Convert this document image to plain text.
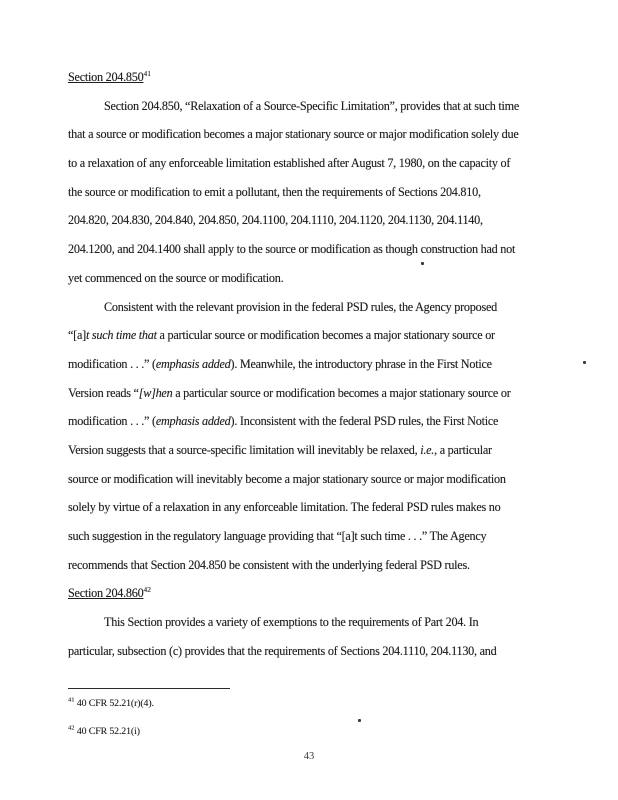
Section 204.850$^{41}$
Section 204.850, “Relaxation of a Source-Specific Limitation”, provides that at such time
that a source or modification becomes a major stationary source or major modification solely due
to a relaxation of any enforceable limitation established after August 7, 1980, on the capacity of
the source or modification to emit a pollutant, then the requirements of Sections 204.810,
204.820, 204.830, 204.840, 204.850, 204.1100, 204.1110, 204.1120, 204.1130, 204.1140,
204.1200, and 204.1400 shall apply to the source or modification as though construction had not
yet commenced on the source or modification.
Consistent with the relevant provision in the federal PSD rules, the Agency proposed
“[a]t such time that a particular source or modification becomes a major stationary source or
modification . . .” (emphasis added). Meanwhile, the introductory phrase in the First Notice
Version reads “[w]hen a particular source or modification becomes a major stationary source or
modification . . .” (emphasis added). Inconsistent with the federal PSD rules, the First Notice
Version suggests that a source-specific limitation will inevitably be relaxed, i.e., a particular
source or modification will inevitably become a major stationary source or major modification
solely by virtue of a relaxation in any enforceable limitation. The federal PSD rules makes no
such suggestion in the regulatory language providing that “[a]t such time . . .” The Agency
recommends that Section 204.850 be consistent with the underlying federal PSD rules.
Section 204.860$^{42}$
This Section provides a variety of exemptions to the requirements of Part 204. In
particular, subsection (c) provides that the requirements of Sections 204.1110, 204.1130, and
$^{41}$ 40 CFR 52.21(r)(4).
$^{42}$ 40 CFR 52.21(i)
43
